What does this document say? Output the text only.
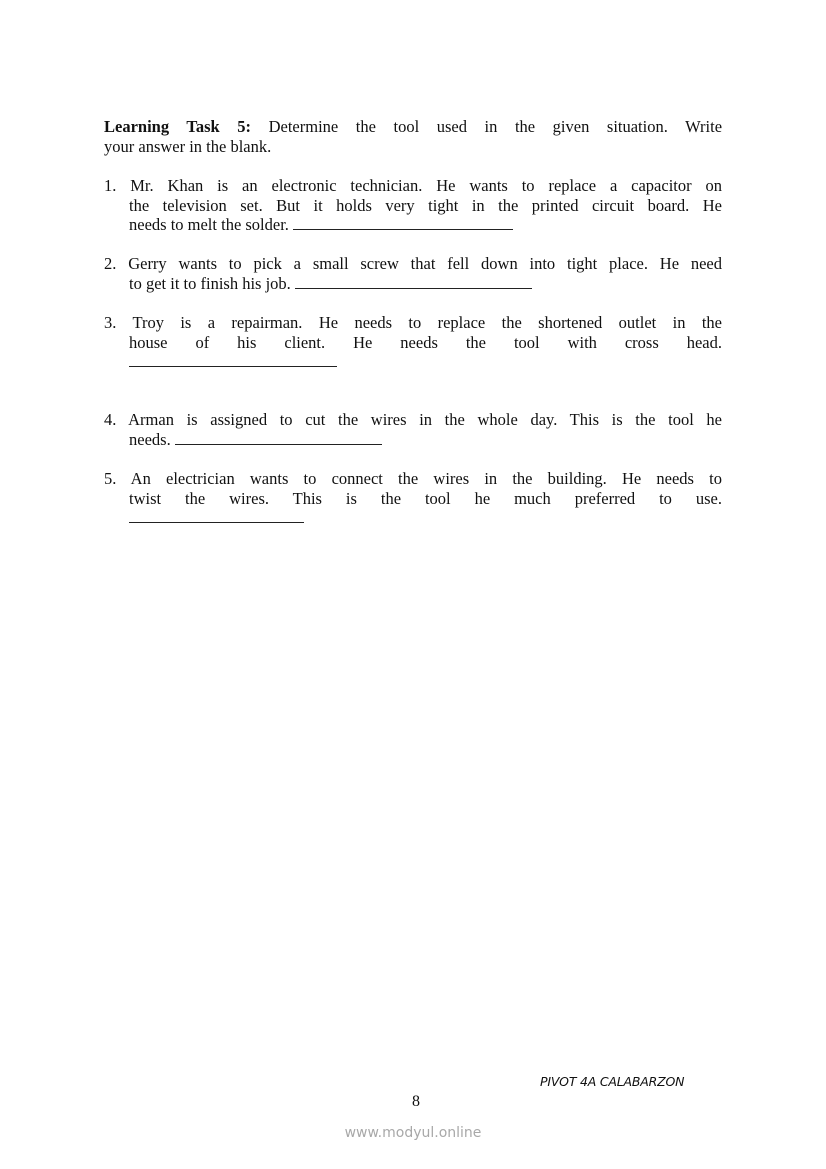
Learning Task 5: Determine the tool used in the given situation. Write
your answer in the blank.
1. Mr. Khan is an electronic technician. He wants to replace a capacitor on
the television set. But it holds very tight in the printed circuit board. He
needs to melt the solder.
2. Gerry wants to pick a small screw that fell down into tight place. He need
to get it to finish his job.
3. Troy is a repairman. He needs to replace the shortened outlet in the
house of his client. He needs the tool with cross head.
4. Arman is assigned to cut the wires in the whole day. This is the tool he
needs.
5. An electrician wants to connect the wires in the building. He needs to
twist the wires. This is the tool he much preferred to use.
PIVOT 4A CALABARZON
8
www.modyul.online
